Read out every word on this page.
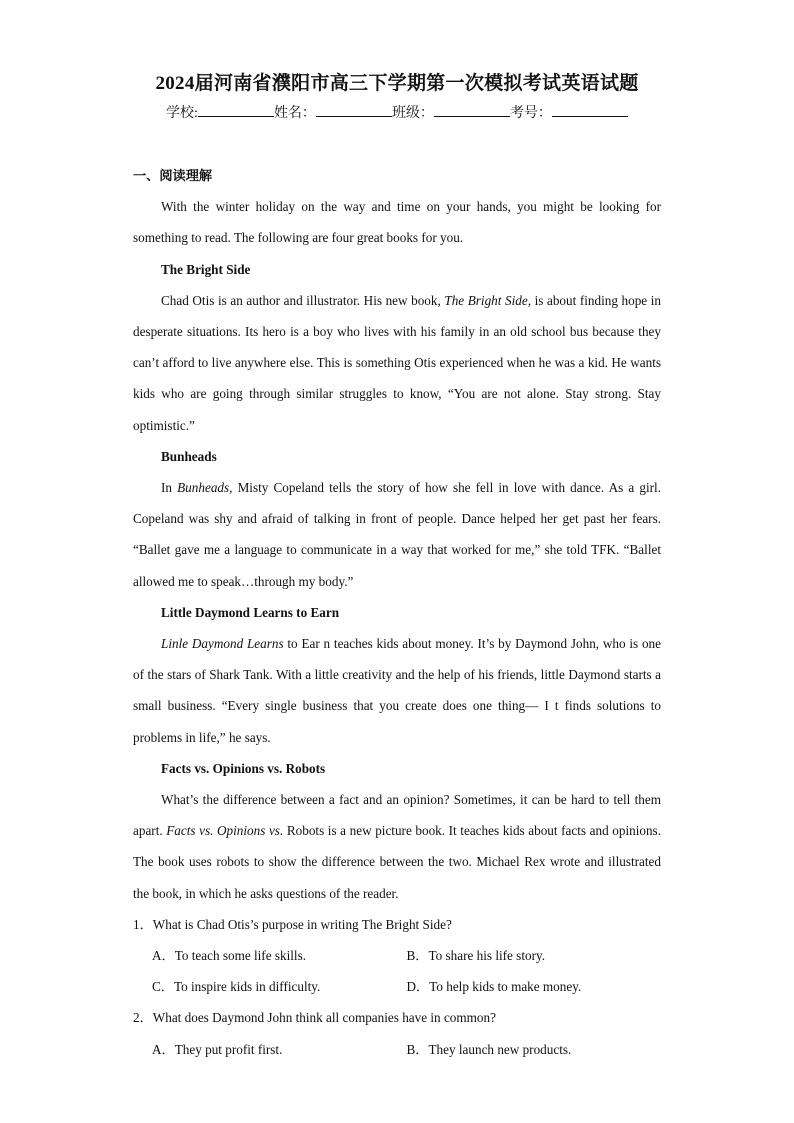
2024届河南省濮阳市高三下学期第一次模拟考试英语试题
学校:	姓名：	班级：	考号：

一、阅读理解

With the winter holiday on the way and time on your hands, you might be looking for something to read. The following are four great books for you.

The Bright Side

Chad Otis is an author and illustrator. His new book, The Bright Side, is about finding hope in desperate situations. Its hero is a boy who lives with his family in an old school bus because they can’t afford to live anywhere else. This is something Otis experienced when he was a kid. He wants kids who are going through similar struggles to know, “You are not alone. Stay strong. Stay optimistic.”

Bunheads

In Bunheads, Misty Copeland tells the story of how she fell in love with dance. As a girl. Copeland was shy and afraid of talking in front of people. Dance helped her get past her fears. “Ballet gave me a language to communicate in a way that worked for me,” she told TFK. “Ballet allowed me to speak…through my body.”

Little Daymond Learns to Earn

Linle Daymond Learns to Ear n teaches kids about money. It’s by Daymond John, who is one of the stars of Shark Tank. With a little creativity and the help of his friends, little Daymond starts a small business. “Every single business that you create does one thing— I t finds solutions to problems in life,” he says.

Facts vs. Opinions vs. Robots

What’s the difference between a fact and an opinion? Sometimes, it can be hard to tell them apart. Facts vs. Opinions vs. Robots is a new picture book. It teaches kids about facts and opinions. The book uses robots to show the difference between the two. Michael Rex wrote and illustrated the book, in which he asks questions of the reader.

1．What is Chad Otis’s purpose in writing The Bright Side?

A．To teach some life skills.	B．To share his life story.
C．To inspire kids in difficulty.	D．To help kids to make money.

2．What does Daymond John think all companies have in common?

A．They put profit first.	B．They launch new products.
